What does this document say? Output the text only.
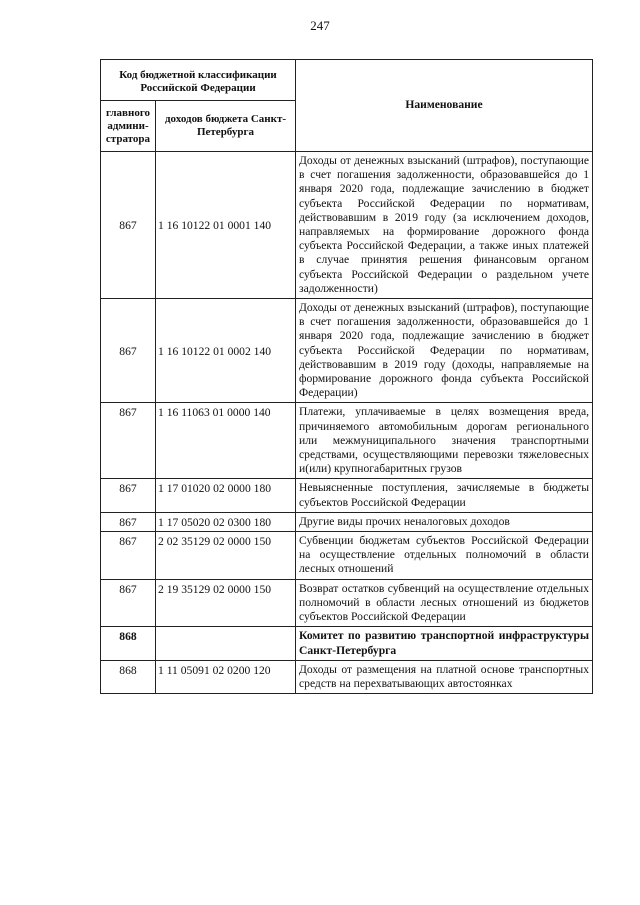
247
Код бюджетной классификации Российской Федерации		Наименование
главного админи-стратора	доходов бюджета Санкт-Петербурга	
867	1 16 10122 01 0001 140	Доходы от денежных взысканий (штрафов), поступающие в счет погашения задолженности, образовавшейся до 1 января 2020 года, подлежащие зачислению в бюджет субъекта Российской Федерации по нормативам, действовавшим в 2019 году (за исключением доходов, направляемых на формирование дорожного фонда субъекта Российской Федерации, а также иных платежей в случае принятия решения финансовым органом субъекта Российской Федерации о раздельном учете задолженности)
867	1 16 10122 01 0002 140	Доходы от денежных взысканий (штрафов), поступающие в счет погашения задолженности, образовавшейся до 1 января 2020 года, подлежащие зачислению в бюджет субъекта Российской Федерации по нормативам, действовавшим в 2019 году (доходы, направляемые на формирование дорожного фонда субъекта Российской Федерации)
867	1 16 11063 01 0000 140	Платежи, уплачиваемые в целях возмещения вреда, причиняемого автомобильным дорогам регионального или межмуниципального значения транспортными средствами, осуществляющими перевозки тяжеловесных и(или) крупногабаритных грузов
867	1 17 01020 02 0000 180	Невыясненные поступления, зачисляемые в бюджеты субъектов Российской Федерации
867	1 17 05020 02 0300 180	Другие виды прочих неналоговых доходов
867	2 02 35129 02 0000 150	Субвенции бюджетам субъектов Российской Федерации на осуществление отдельных полномочий в области лесных отношений
867	2 19 35129 02 0000 150	Возврат остатков субвенций на осуществление отдельных полномочий в области лесных отношений из бюджетов субъектов Российской Федерации
868		Комитет по развитию транспортной инфраструктуры Санкт-Петербурга
868	1 11 05091 02 0200 120	Доходы от размещения на платной основе транспортных средств на перехватывающих автостоянках
